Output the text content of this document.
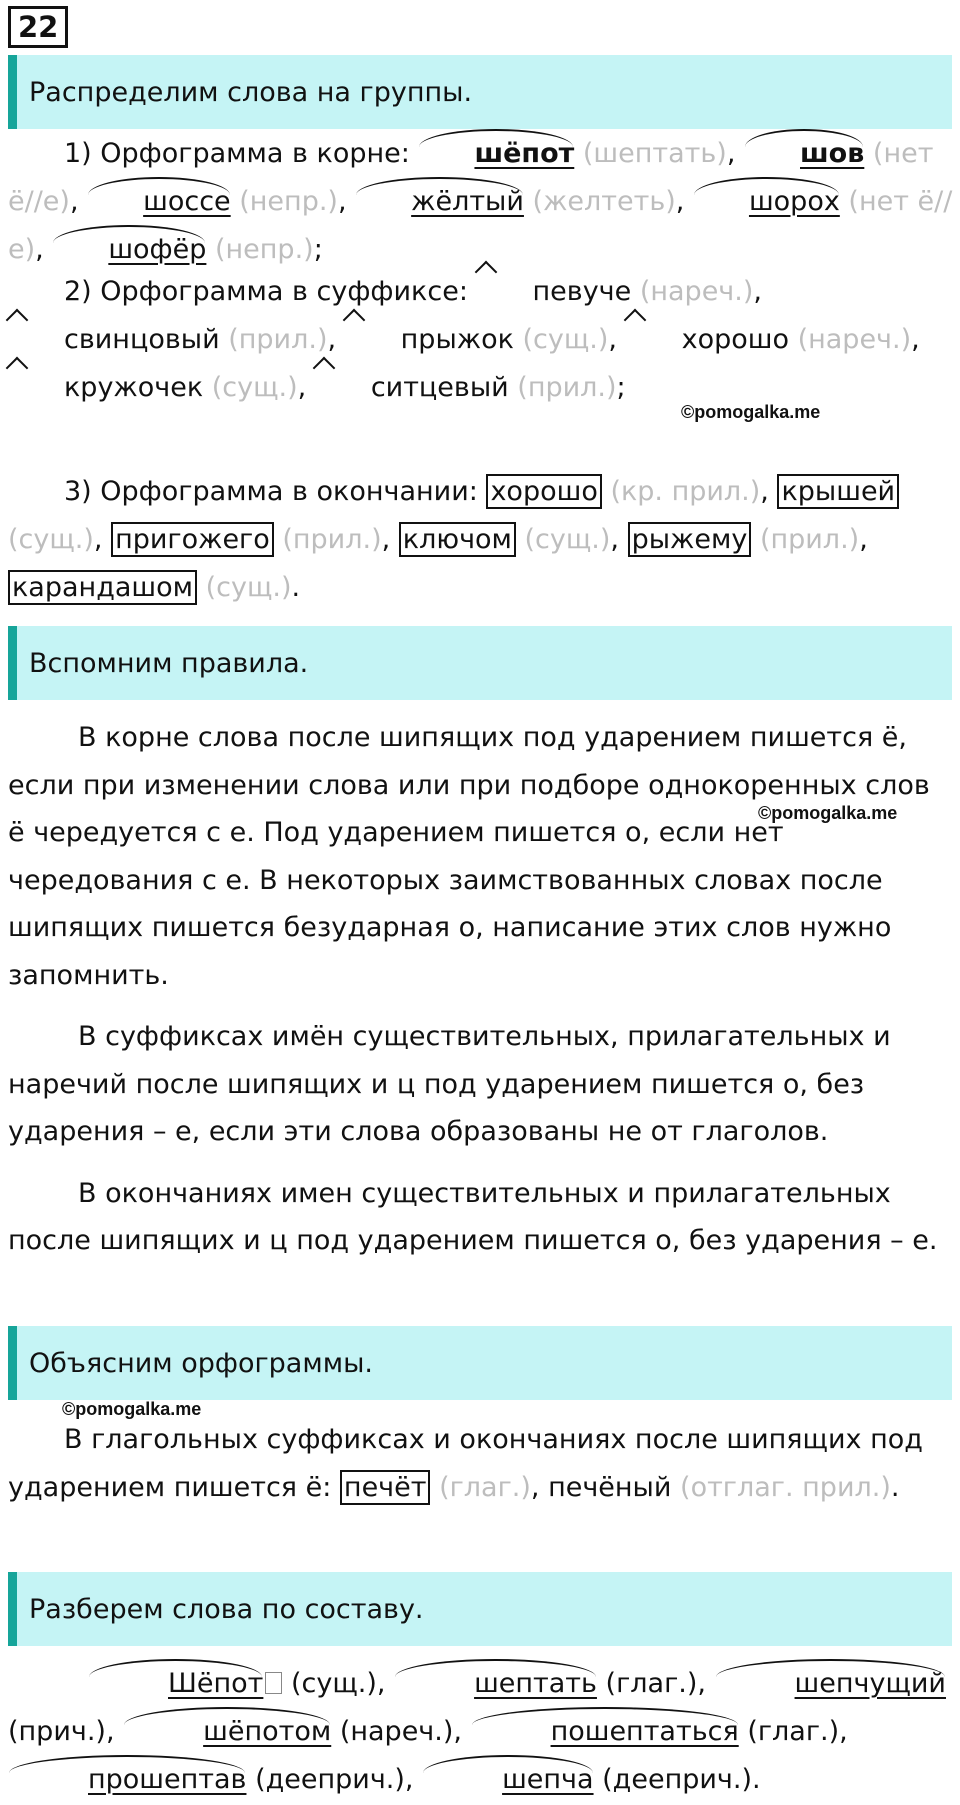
22
Распределим слова на группы.
1) Орфограмма в корне: шёпот (шептать), шов (нет ё//е), шоссе (непр.), жёлтый (желтеть), шорох (нет ё//е), шофёр (непр.);
2) Орфограмма в суффиксе: певуче (нареч.), свинцовый (прил.), прыжок (сущ.), хорошо (нареч.), кружочек (сущ.), ситцевый (прил.);
©pomogalka.me
3) Орфограмма в окончании: хорошо (кр. прил.), крышей (сущ.), пригожего (прил.), ключом (сущ.), рыжему (прил.), карандашом (сущ.).
Вспомним правила.
В корне слова после шипящих под ударением пишется ё, если при изменении слова или при подборе однокоренных слов ё чередуется с е. Под ударением пишется о, если нет чередования с е. В некоторых заимствованных словах после шипящих пишется безударная о, написание этих слов нужно запомнить.
В суффиксах имён существительных, прилагательных и наречий после шипящих и ц под ударением пишется о, без ударения – е, если эти слова образованы не от глаголов.
В окончаниях имен существительных и прилагательных после шипящих и ц под ударением пишется о, без ударения – е.
©pomogalka.me
Объясним орфограммы.
©pomogalka.me
В глагольных суффиксах и окончаниях после шипящих под ударением пишется ё: печёт (глаг.), печёный (отглаг. прил.).
Разберем слова по составу.
Шёпот (сущ.),	шептать (глаг.),	шепчущий (прич.),	шёпотом (нареч.),	пошептаться (глаг.), прошептав (дееприч.),	шепча (дееприч.).
